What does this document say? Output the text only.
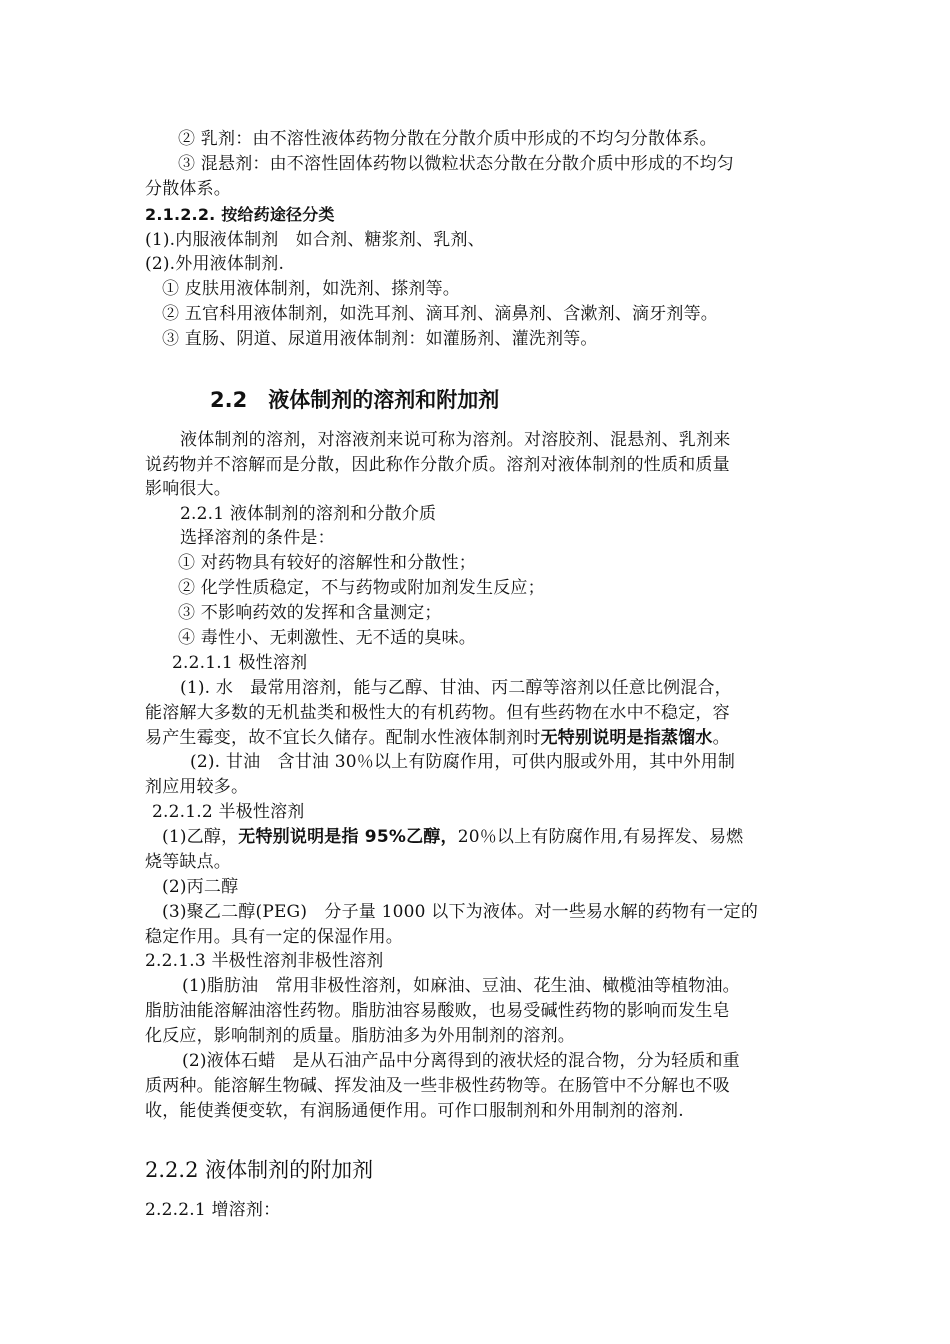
② 乳剂：由不溶性液体药物分散在分散介质中形成的不均匀分散体系。
③ 混悬剂：由不溶性固体药物以微粒状态分散在分散介质中形成的不均匀
分散体系。
2.1.2.2. 按给药途径分类
(1).内服液体制剂　如合剂、糖浆剂、乳剂、
(2).外用液体制剂.
① 皮肤用液体制剂，如洗剂、搽剂等。
② 五官科用液体制剂，如洗耳剂、滴耳剂、滴鼻剂、含漱剂、滴牙剂等。
③ 直肠、阴道、尿道用液体制剂：如灌肠剂、灌洗剂等。
2.2　液体制剂的溶剂和附加剂
液体制剂的溶剂，对溶液剂来说可称为溶剂。对溶胶剂、混悬剂、乳剂来
说药物并不溶解而是分散，因此称作分散介质。溶剂对液体制剂的性质和质量
影响很大。
2.2.1 液体制剂的溶剂和分散介质
选择溶剂的条件是：
① 对药物具有较好的溶解性和分散性；
② 化学性质稳定，不与药物或附加剂发生反应；
③ 不影响药效的发挥和含量测定；
④ 毒性小、无刺激性、无不适的臭味。
2.2.1.1 极性溶剂
(1). 水　最常用溶剂，能与乙醇、甘油、丙二醇等溶剂以任意比例混合，
能溶解大多数的无机盐类和极性大的有机药物。但有些药物在水中不稳定，容
易产生霉变，故不宜长久储存。配制水性液体制剂时无特别说明是指蒸馏水。
(2). 甘油　含甘油 30％以上有防腐作用，可供内服或外用，其中外用制
剂应用较多。
2.2.1.2 半极性溶剂
(1)乙醇，无特别说明是指 95%乙醇，20％以上有防腐作用,有易挥发、易燃
烧等缺点。
(2)丙二醇
(3)聚乙二醇(PEG)　分子量 1000 以下为液体。对一些易水解的药物有一定的
稳定作用。具有一定的保湿作用。
2.2.1.3 半极性溶剂非极性溶剂
(1)脂肪油　常用非极性溶剂，如麻油、豆油、花生油、橄榄油等植物油。
脂肪油能溶解油溶性药物。脂肪油容易酸败，也易受碱性药物的影响而发生皂
化反应，影响制剂的质量。脂肪油多为外用制剂的溶剂。
(2)液体石蜡　是从石油产品中分离得到的液状烃的混合物，分为轻质和重
质两种。能溶解生物碱、挥发油及一些非极性药物等。在肠管中不分解也不吸
收，能使粪便变软，有润肠通便作用。可作口服制剂和外用制剂的溶剂.
2.2.2 液体制剂的附加剂
2.2.2.1 增溶剂：
